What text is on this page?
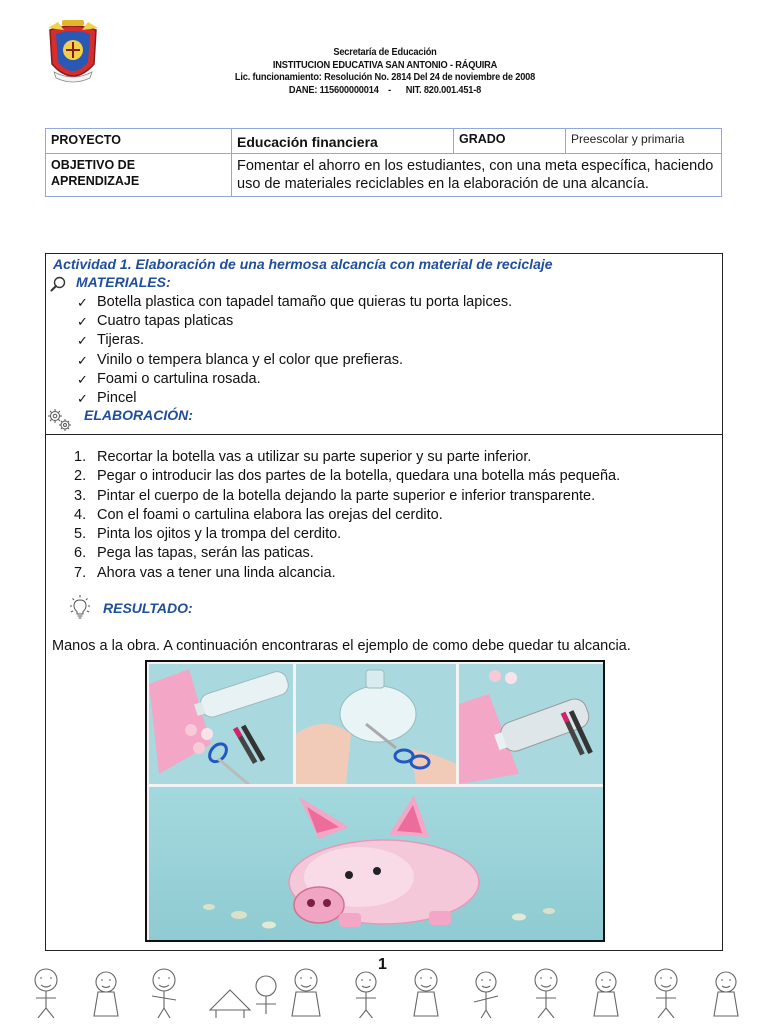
Secretaría de Educación
INSTITUCION EDUCATIVA SAN ANTONIO - RÁQUIRA
Lic. funcionamiento: Resolución No. 2814 Del 24 de noviembre de 2008
DANE: 115600000014 - NIT. 820.001.451-8
PROYECTO	Educación financiera	GRADO	Preescolar y primaria
OBJETIVO DE APRENDIZAJE	Fomentar el ahorro en los estudiantes, con una meta específica, haciendo uso de materiales reciclables en la elaboración de una alcancía.		
Actividad 1. Elaboración de una hermosa alcancía con material de reciclaje
MATERIALES:
✓ Botella plastica con tapadel tamaño que quieras tu porta lapices.
✓ Cuatro tapas platicas
✓ Tijeras.
✓ Vinilo o tempera blanca y el color que prefieras.
✓ Foami o cartulina rosada.
✓ Pincel
ELABORACIÓN:
1. Recortar la botella vas a utilizar su parte superior y su parte inferior.
2. Pegar o introducir las dos partes de la botella, quedara una botella más pequeña.
3. Pintar el cuerpo de la botella dejando la parte superior e inferior transparente.
4. Con el foami o cartulina elabora las orejas del cerdito.
5. Pinta los ojitos y la trompa del cerdito.
6. Pega las tapas, serán las paticas.
7. Ahora vas a tener una linda alcancia.
RESULTADO:
Manos a la obra. A continuación encontraras el ejemplo de como debe quedar tu alcancia.
1
